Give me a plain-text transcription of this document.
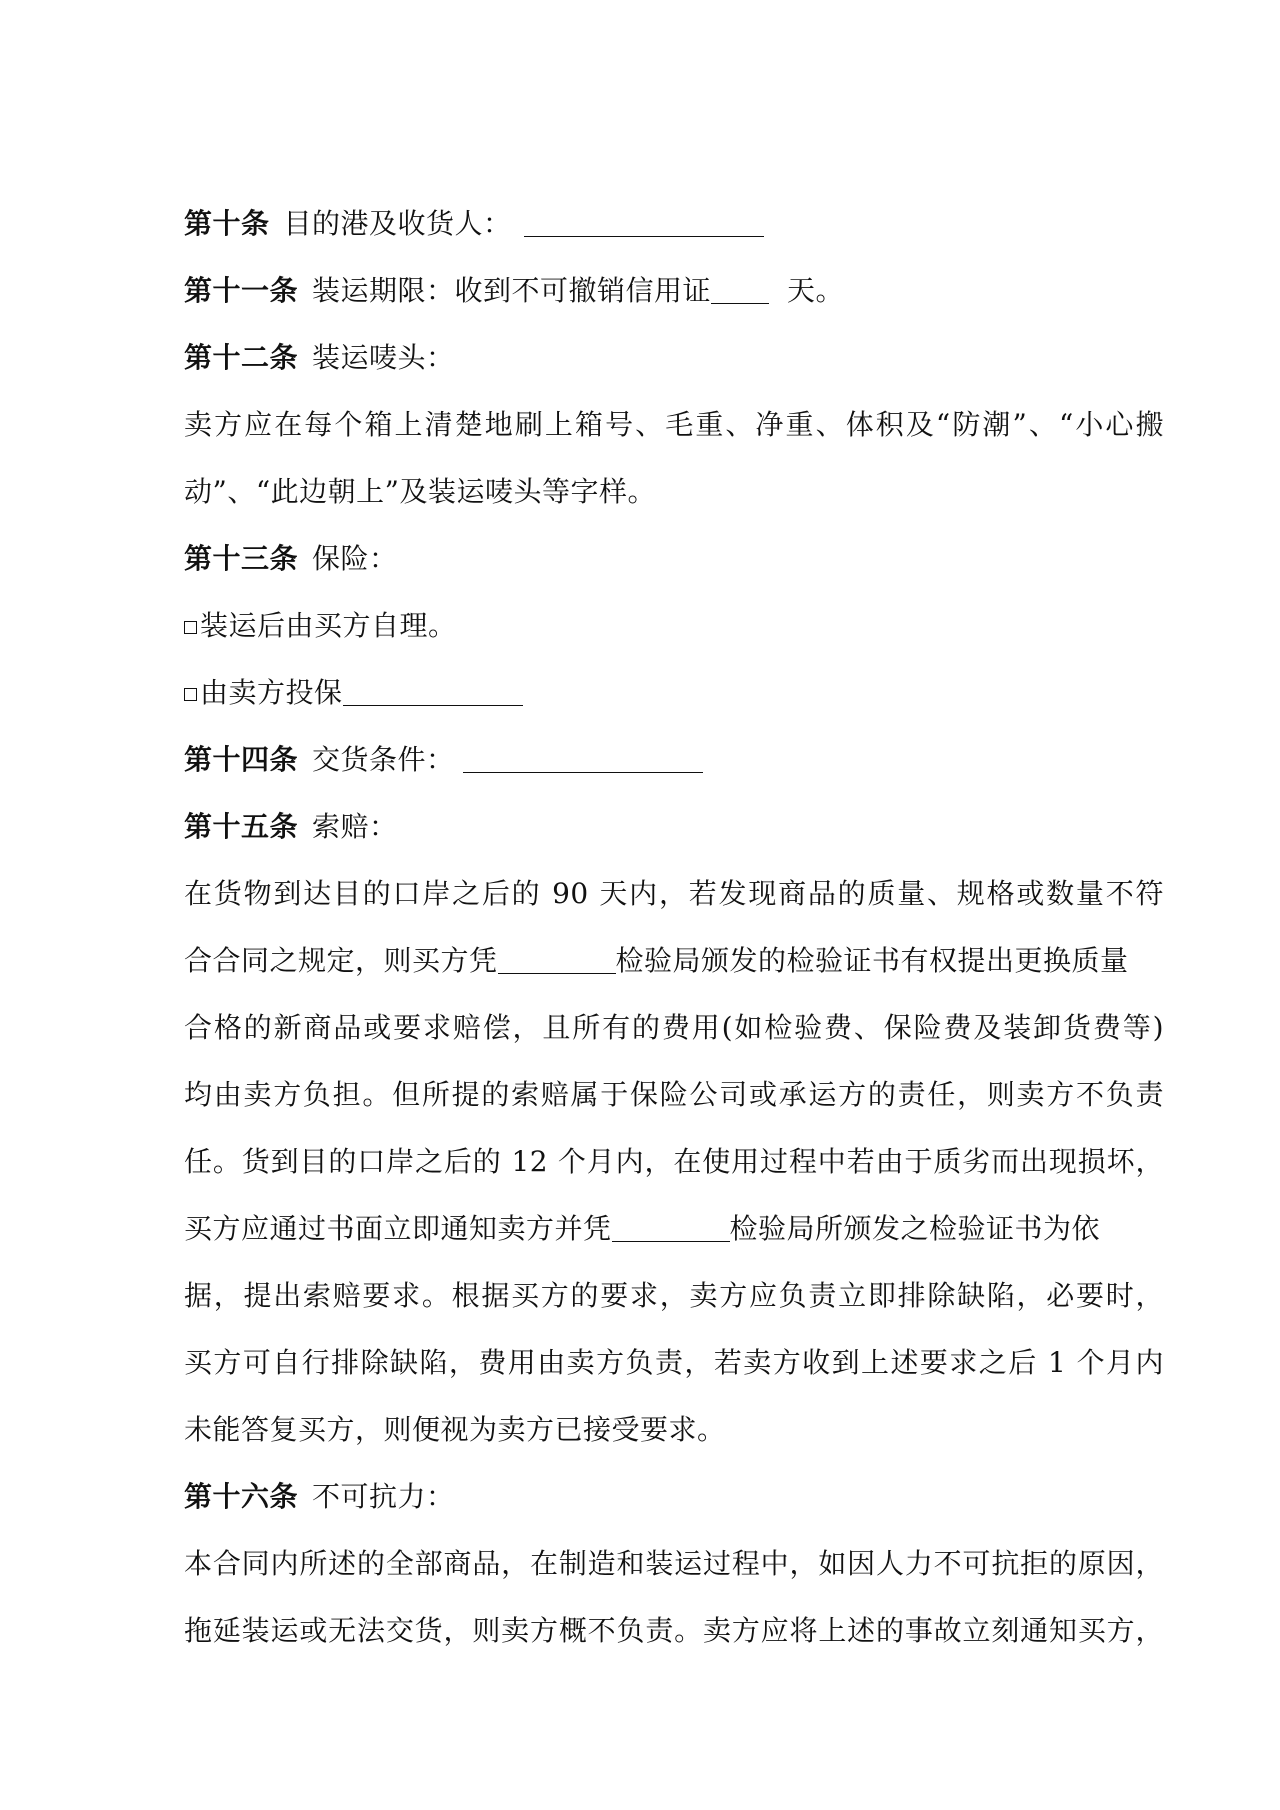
第十条 目的港及收货人：
第十一条 装运期限：收到不可撤销信用证	天。
第十二条 装运唛头：
卖方应在每个箱上清楚地刷上箱号、毛重、净重、体积及“防潮”、“小心搬
动”、“此边朝上”及装运唛头等字样。
第十三条 保险：
装运后由买方自理。
由卖方投保
第十四条 交货条件：
第十五条 索赔：
在货物到达目的口岸之后的 90 天内，若发现商品的质量、规格或数量不符
合合同之规定，则买方凭	检验局颁发的检验证书有权提出更换质量
合格的新商品或要求赔偿，且所有的费用(如检验费、保险费及装卸货费等)
均由卖方负担。但所提的索赔属于保险公司或承运方的责任，则卖方不负责
任。货到目的口岸之后的 12 个月内，在使用过程中若由于质劣而出现损坏，
买方应通过书面立即通知卖方并凭	检验局所颁发之检验证书为依
据，提出索赔要求。根据买方的要求，卖方应负责立即排除缺陷，必要时，
买方可自行排除缺陷，费用由卖方负责，若卖方收到上述要求之后 1 个月内
未能答复买方，则便视为卖方已接受要求。
第十六条 不可抗力：
本合同内所述的全部商品，在制造和装运过程中，如因人力不可抗拒的原因，
拖延装运或无法交货，则卖方概不负责。卖方应将上述的事故立刻通知买方，
